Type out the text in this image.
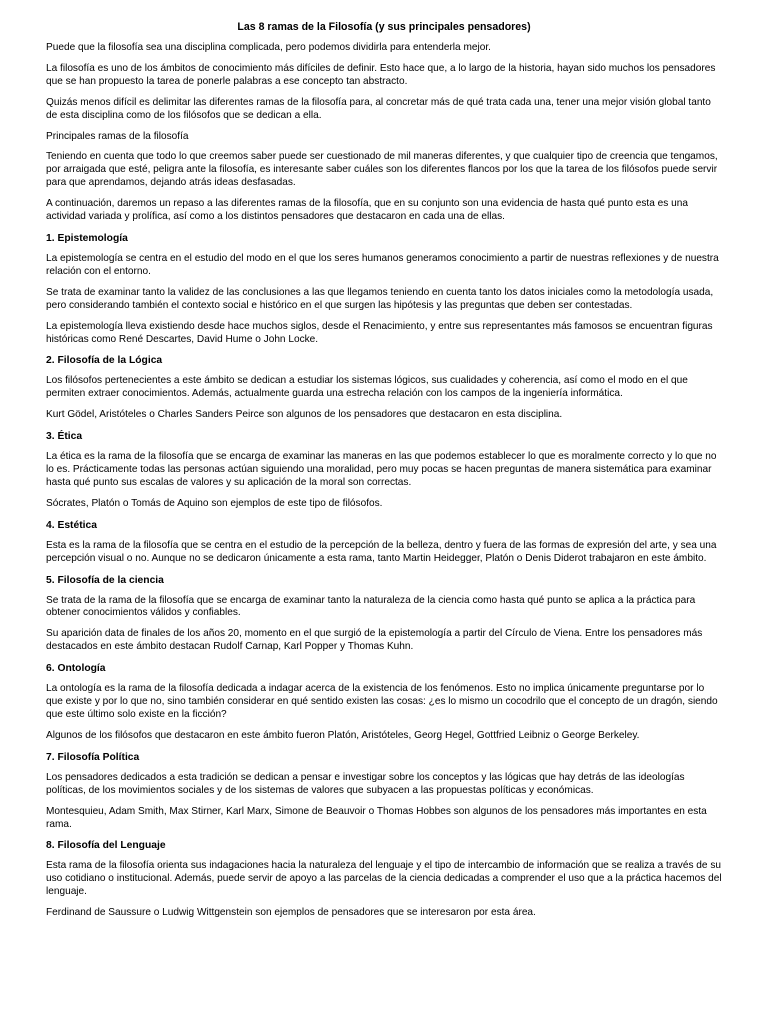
Las 8 ramas de la Filosofía (y sus principales pensadores)

Puede que la filosofía sea una disciplina complicada, pero podemos dividirla para entenderla mejor.

La filosofía es uno de los ámbitos de conocimiento más difíciles de definir. Esto hace que, a lo largo de la historia, hayan sido muchos los pensadores que se han propuesto la tarea de ponerle palabras a ese concepto tan abstracto.

Quizás menos difícil es delimitar las diferentes ramas de la filosofía para, al concretar más de qué trata cada una, tener una mejor visión global tanto de esta disciplina como de los filósofos que se dedican a ella.

Principales ramas de la filosofía

Teniendo en cuenta que todo lo que creemos saber puede ser cuestionado de mil maneras diferentes, y que cualquier tipo de creencia que tengamos, por arraigada que esté, peligra ante la filosofía, es interesante saber cuáles son los diferentes flancos por los que la tarea de los filósofos puede servir para que aprendamos, dejando atrás ideas desfasadas.

A continuación, daremos un repaso a las diferentes ramas de la filosofía, que en su conjunto son una evidencia de hasta qué punto esta es una actividad variada y prolífica, así como a los distintos pensadores que destacaron en cada una de ellas.

1. Epistemología

La epistemología se centra en el estudio del modo en el que los seres humanos generamos conocimiento a partir de nuestras reflexiones y de nuestra relación con el entorno.

Se trata de examinar tanto la validez de las conclusiones a las que llegamos teniendo en cuenta tanto los datos iniciales como la metodología usada, pero considerando también el contexto social e histórico en el que surgen las hipótesis y las preguntas que deben ser contestadas.

La epistemología lleva existiendo desde hace muchos siglos, desde el Renacimiento, y entre sus representantes más famosos se encuentran figuras históricas como René Descartes, David Hume o John Locke.

2. Filosofía de la Lógica

Los filósofos pertenecientes a este ámbito se dedican a estudiar los sistemas lógicos, sus cualidades y coherencia, así como el modo en el que permiten extraer conocimientos. Además, actualmente guarda una estrecha relación con los campos de la ingeniería informática.

Kurt Gödel, Aristóteles o Charles Sanders Peirce son algunos de los pensadores que destacaron en esta disciplina.

3. Ética

La ética es la rama de la filosofía que se encarga de examinar las maneras en las que podemos establecer lo que es moralmente correcto y lo que no lo es. Prácticamente todas las personas actúan siguiendo una moralidad, pero muy pocas se hacen preguntas de manera sistemática para examinar hasta qué punto sus escalas de valores y su aplicación de la moral son correctas.

Sócrates, Platón o Tomás de Aquino son ejemplos de este tipo de filósofos.

4. Estética

Esta es la rama de la filosofía que se centra en el estudio de la percepción de la belleza, dentro y fuera de las formas de expresión del arte, y sea una percepción visual o no. Aunque no se dedicaron únicamente a esta rama, tanto Martin Heidegger, Platón o Denis Diderot trabajaron en este ámbito.

5. Filosofía de la ciencia

Se trata de la rama de la filosofía que se encarga de examinar tanto la naturaleza de la ciencia como hasta qué punto se aplica a la práctica para obtener conocimientos válidos y confiables.

Su aparición data de finales de los años 20, momento en el que surgió de la epistemología a partir del Círculo de Viena. Entre los pensadores más destacados en este ámbito destacan Rudolf Carnap, Karl Popper y Thomas Kuhn.

6. Ontología

La ontología es la rama de la filosofía dedicada a indagar acerca de la existencia de los fenómenos. Esto no implica únicamente preguntarse por lo que existe y por lo que no, sino también considerar en qué sentido existen las cosas: ¿es lo mismo un cocodrilo que el concepto de un dragón, siendo que este último solo existe en la ficción?

Algunos de los filósofos que destacaron en este ámbito fueron Platón, Aristóteles, Georg Hegel, Gottfried Leibniz o George Berkeley.

7. Filosofía Política

Los pensadores dedicados a esta tradición se dedican a pensar e investigar sobre los conceptos y las lógicas que hay detrás de las ideologías políticas, de los movimientos sociales y de los sistemas de valores que subyacen a las propuestas políticas y económicas.

Montesquieu, Adam Smith, Max Stirner, Karl Marx, Simone de Beauvoir o Thomas Hobbes son algunos de los pensadores más importantes en esta rama.

8. Filosofía del Lenguaje

Esta rama de la filosofía orienta sus indagaciones hacia la naturaleza del lenguaje y el tipo de intercambio de información que se realiza a través de su uso cotidiano o institucional. Además, puede servir de apoyo a las parcelas de la ciencia dedicadas a comprender el uso que a la práctica hacemos del lenguaje.

Ferdinand de Saussure o Ludwig Wittgenstein son ejemplos de pensadores que se interesaron por esta área.
